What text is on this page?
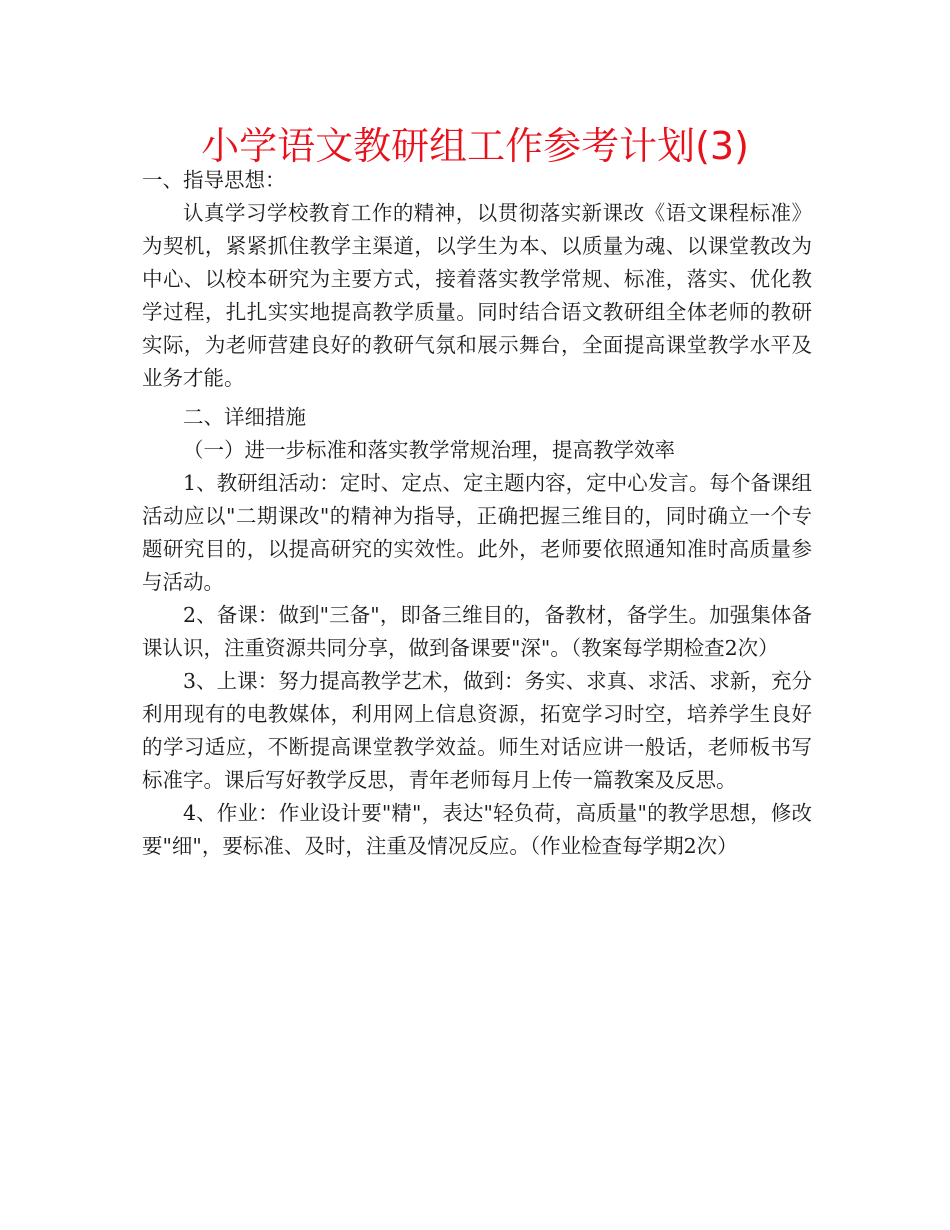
小学语文教研组工作参考计划(3)

一、指导思想：

认真学习学校教育工作的精神，以贯彻落实新课改《语文课程标准》为契机，紧紧抓住教学主渠道，以学生为本、以质量为魂、以课堂教改为中心、以校本研究为主要方式，接着落实教学常规、标准，落实、优化教学过程，扎扎实实地提高教学质量。同时结合语文教研组全体老师的教研实际，为老师营建良好的教研气氛和展示舞台，全面提高课堂教学水平及业务才能。

二、详细措施

（一）进一步标准和落实教学常规治理，提高教学效率

1、教研组活动：定时、定点、定主题内容，定中心发言。每个备课组活动应以"二期课改"的精神为指导，正确把握三维目的，同时确立一个专题研究目的，以提高研究的实效性。此外，老师要依照通知准时高质量参与活动。

2、备课：做到"三备"，即备三维目的，备教材，备学生。加强集体备课认识，注重资源共同分享，做到备课要"深"。（教案每学期检查2次）

3、上课：努力提高教学艺术，做到：务实、求真、求活、求新，充分利用现有的电教媒体，利用网上信息资源，拓宽学习时空，培养学生良好的学习适应，不断提高课堂教学效益。师生对话应讲一般话，老师板书写标准字。课后写好教学反思，青年老师每月上传一篇教案及反思。

4、作业：作业设计要"精"，表达"轻负荷，高质量"的教学思想，修改要"细"，要标准、及时，注重及情况反应。（作业检查每学期2次）
